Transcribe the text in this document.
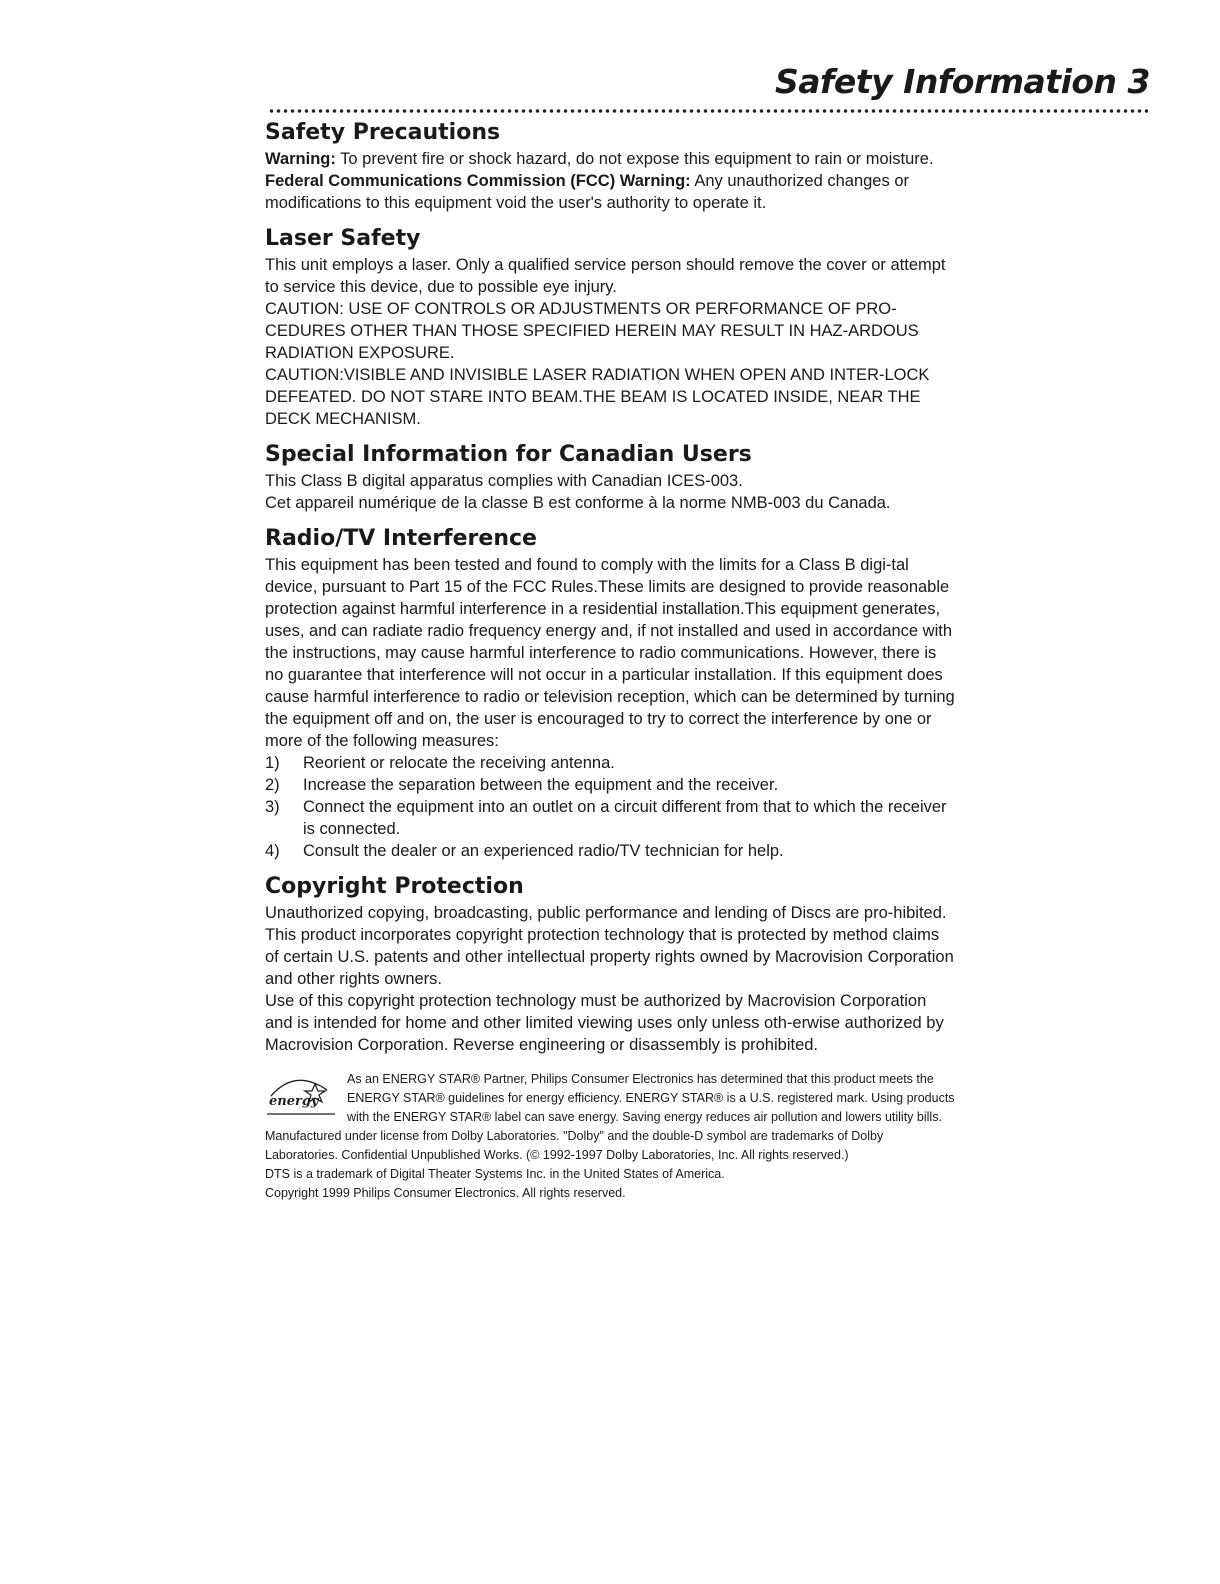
Safety Information 3
Safety Precautions

Warning: To prevent fire or shock hazard, do not expose this equipment to rain or moisture.

Federal Communications Commission (FCC) Warning: Any unauthorized changes or modifications to this equipment void the user's authority to operate it.

Laser Safety

This unit employs a laser. Only a qualified service person should remove the cover or attempt to service this device, due to possible eye injury.

CAUTION: USE OF CONTROLS OR ADJUSTMENTS OR PERFORMANCE OF PRO-CEDURES OTHER THAN THOSE SPECIFIED HEREIN MAY RESULT IN HAZ-ARDOUS RADIATION EXPOSURE.

CAUTION:VISIBLE AND INVISIBLE LASER RADIATION WHEN OPEN AND INTER-LOCK DEFEATED. DO NOT STARE INTO BEAM.THE BEAM IS LOCATED INSIDE, NEAR THE DECK MECHANISM.

Special Information for Canadian Users

This Class B digital apparatus complies with Canadian ICES-003.

Cet appareil numérique de la classe B est conforme à la norme NMB-003 du Canada.

Radio/TV Interference

This equipment has been tested and found to comply with the limits for a Class B digi-tal device, pursuant to Part 15 of the FCC Rules.These limits are designed to provide reasonable protection against harmful interference in a residential installation.This equipment generates, uses, and can radiate radio frequency energy and, if not installed and used in accordance with the instructions, may cause harmful interference to radio communications. However, there is no guarantee that interference will not occur in a particular installation. If this equipment does cause harmful interference to radio or television reception, which can be determined by turning the equipment off and on, the user is encouraged to try to correct the interference by one or more of the following measures:

1)	Reorient or relocate the receiving antenna.
2)	Increase the separation between the equipment and the receiver.
3)	Connect the equipment into an outlet on a circuit different from that to which the receiver is connected.
4)	Consult the dealer or an experienced radio/TV technician for help.
Copyright Protection

Unauthorized copying, broadcasting, public performance and lending of Discs are pro-hibited.

This product incorporates copyright protection technology that is protected by method claims of certain U.S. patents and other intellectual property rights owned by Macrovision Corporation and other rights owners.

Use of this copyright protection technology must be authorized by Macrovision Corporation and is intended for home and other limited viewing uses only unless oth-erwise authorized by Macrovision Corporation. Reverse engineering or disassembly is prohibited.

energy

As an ENERGY STAR® Partner, Philips Consumer Electronics has determined that this product meets the ENERGY STAR® guidelines for energy efficiency. ENERGY STAR® is a U.S. registered mark. Using products with the ENERGY STAR® label can save energy. Saving energy reduces air pollution and lowers utility bills.

Manufactured under license from Dolby Laboratories. "Dolby" and the double-D symbol are trademarks of Dolby Laboratories. Confidential Unpublished Works. (© 1992-1997 Dolby Laboratories, Inc. All rights reserved.)

DTS is a trademark of Digital Theater Systems Inc. in the United States of America.

Copyright 1999 Philips Consumer Electronics. All rights reserved.
